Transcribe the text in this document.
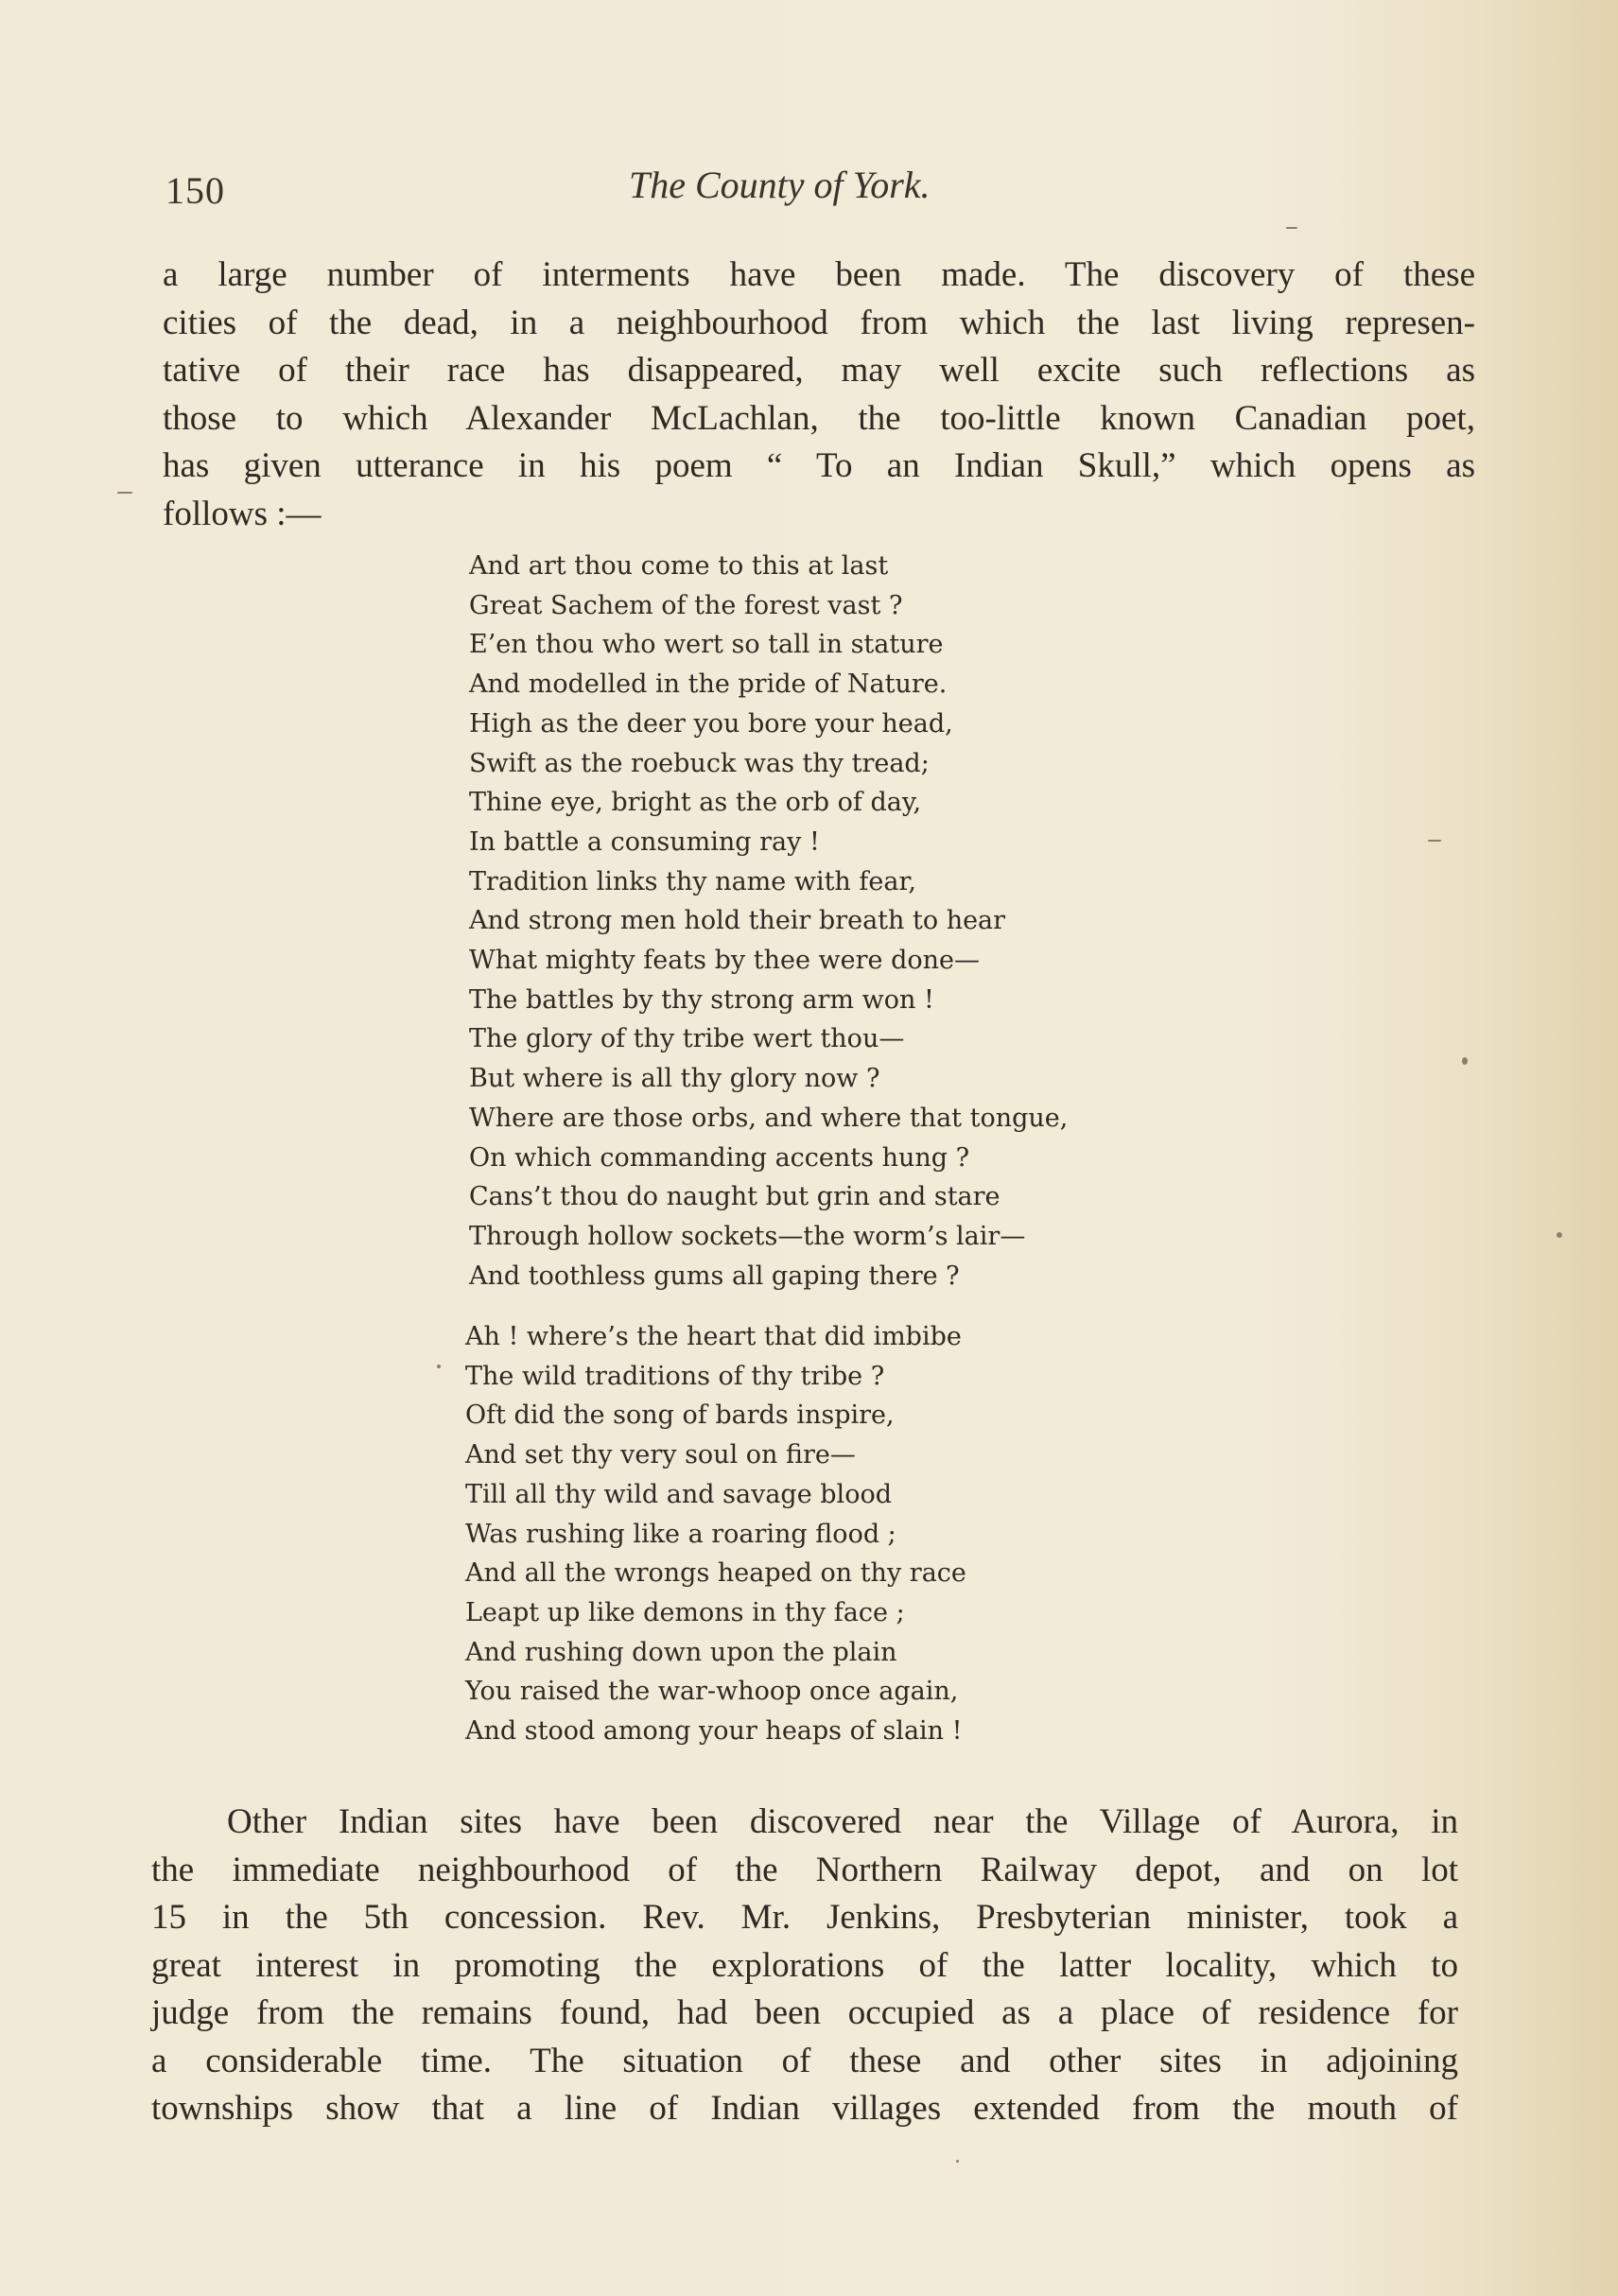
150	The County of York.

a large number of interments have been made. The discovery of these
cities of the dead, in a neighbourhood from which the last living represen-
tative of their race has disappeared, may well excite such reflections as
those to which Alexander McLachlan, the too-little known Canadian poet,
has given utterance in his poem “ To an Indian Skull,” which opens as
follows :—

And art thou come to this at last
Great Sachem of the forest vast ?
E’en thou who wert so tall in stature
And modelled in the pride of Nature.
High as the deer you bore your head,
Swift as the roebuck was thy tread;
Thine eye, bright as the orb of day,
In battle a consuming ray !
Tradition links thy name with fear,
And strong men hold their breath to hear
What mighty feats by thee were done—
The battles by thy strong arm won !
The glory of thy tribe wert thou—
But where is all thy glory now ?
Where are those orbs, and where that tongue,
On which commanding accents hung ?
Cans’t thou do naught but grin and stare
Through hollow sockets—the worm’s lair—
And toothless gums all gaping there ?
Ah ! where’s the heart that did imbibe
The wild traditions of thy tribe ?
Oft did the song of bards inspire,
And set thy very soul on fire—
Till all thy wild and savage blood
Was rushing like a roaring flood ;
And all the wrongs heaped on thy race
Leapt up like demons in thy face ;
And rushing down upon the plain
You raised the war-whoop once again,
And stood among your heaps of slain !

Other Indian sites have been discovered near the Village of Aurora, in
the immediate neighbourhood of the Northern Railway depot, and on lot
15 in the 5th concession. Rev. Mr. Jenkins, Presbyterian minister, took a
great interest in promoting the explorations of the latter locality, which to
judge from the remains found, had been occupied as a place of residence for
a considerable time. The situation of these and other sites in adjoining
townships show that a line of Indian villages extended from the mouth of
